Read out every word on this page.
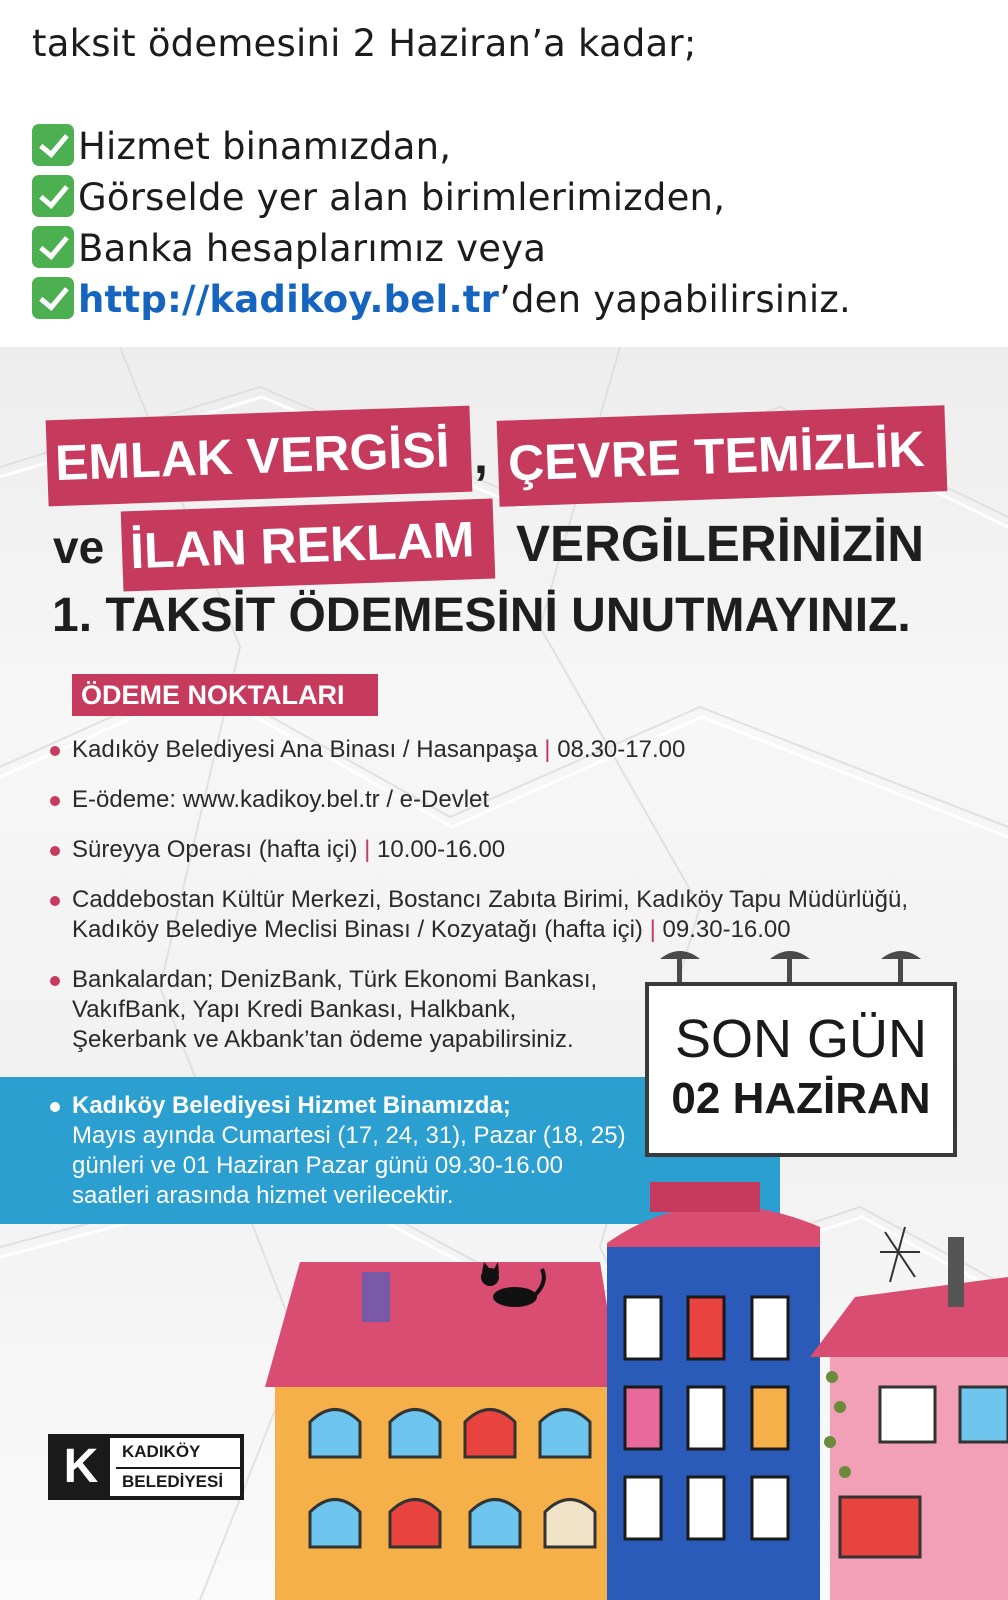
taksit ödemesini 2 Haziran’a kadar;
Hizmet binamızdan,
Görselde yer alan birimlerimizden,
Banka hesaplarımız veya
http://kadikoy.bel.tr’den yapabilirsiniz.
EMLAK VERGİSİ , ÇEVRE TEMİZLİK
ve İLAN REKLAM VERGİLERİNİZİN
1. TAKSİT ÖDEMESİNİ UNUTMAYINIZ.
ÖDEME NOKTALARI
Kadıköy Belediyesi Ana Binası / Hasanpaşa | 08.30-17.00
E-ödeme: www.kadikoy.bel.tr / e-Devlet
Süreyya Operası (hafta içi) | 10.00-16.00
Caddebostan Kültür Merkezi, Bostancı Zabıta Birimi, Kadıköy Tapu Müdürlüğü,
Kadıköy Belediye Meclisi Binası / Kozyatağı (hafta içi) | 09.30-16.00
Bankalardan; DenizBank, Türk Ekonomi Bankası,
VakıfBank, Yapı Kredi Bankası, Halkbank,
Şekerbank ve Akbank’tan ödeme yapabilirsiniz.
Kadıköy Belediyesi Hizmet Binamızda;
Mayıs ayında Cumartesi (17, 24, 31), Pazar (18, 25)
günleri ve 01 Haziran Pazar günü 09.30-16.00
saatleri arasında hizmet verilecektir.
SON GÜN
02 HAZİRAN
K	KADIKÖY
BELEDİYESİ
